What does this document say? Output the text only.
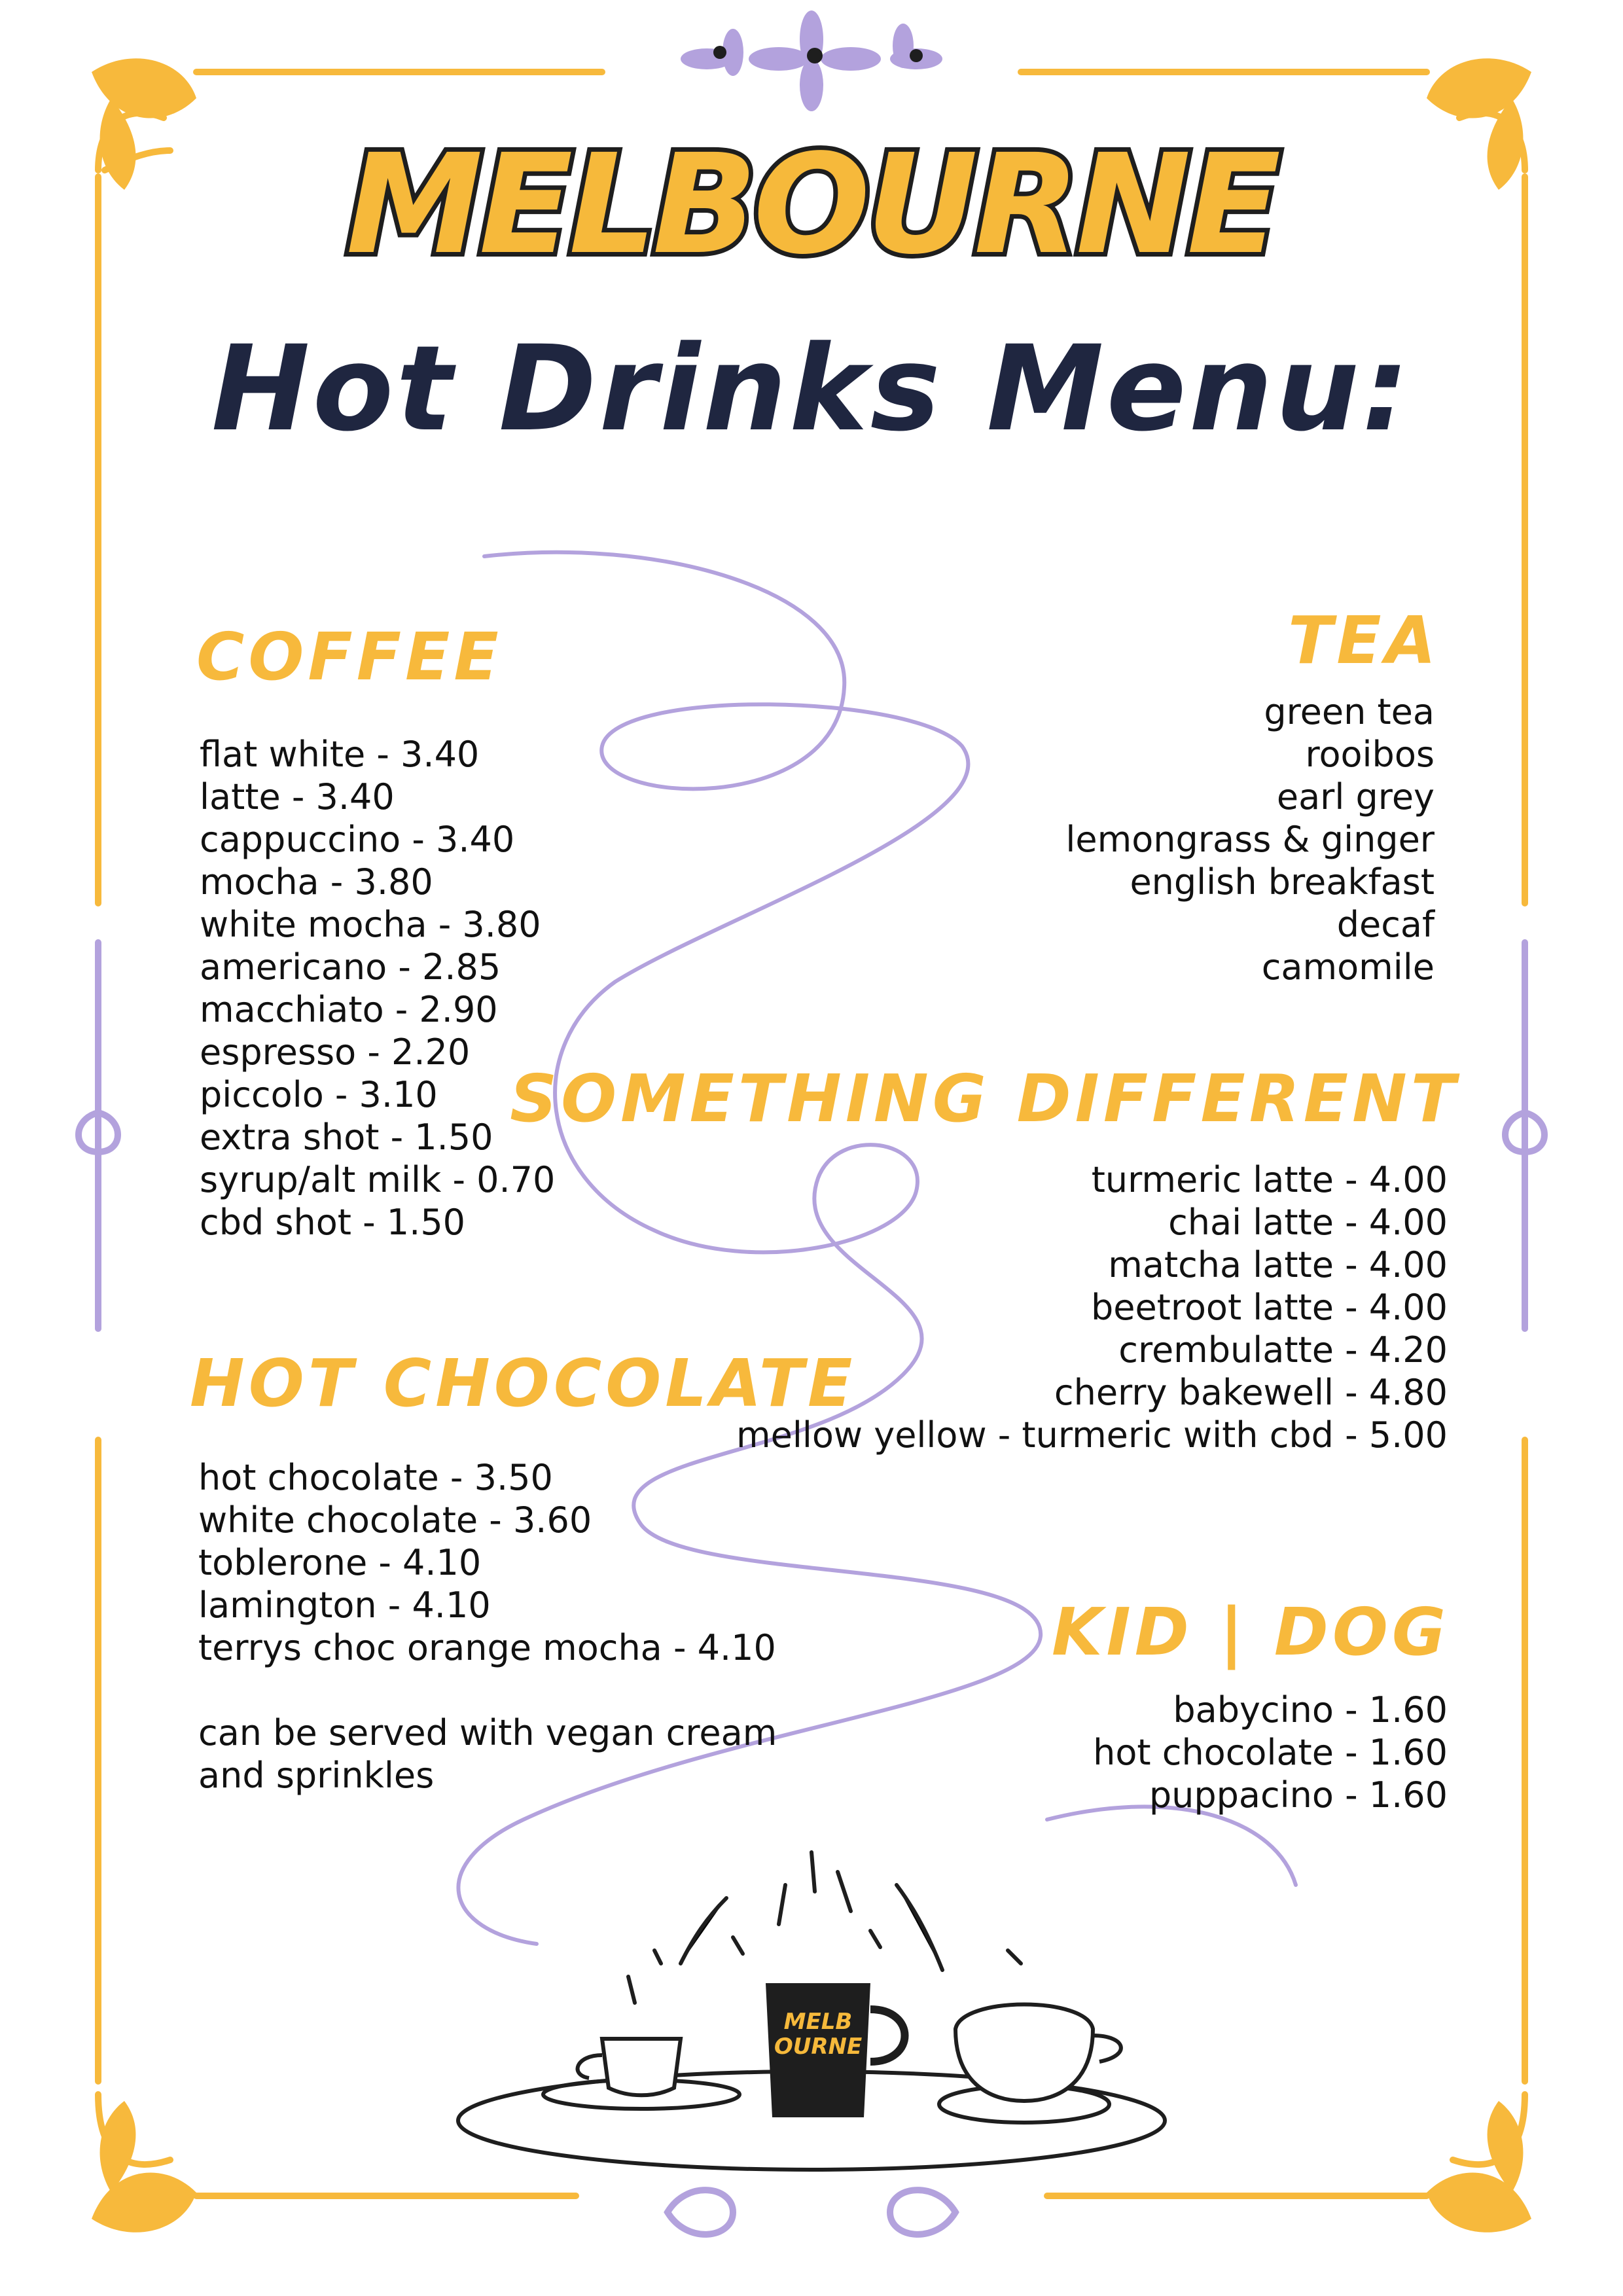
MELBOURNE
Hot Drinks Menu:
COFFEE
flat white - 3.40
latte - 3.40
cappuccino - 3.40
mocha - 3.80
white mocha - 3.80
americano - 2.85
macchiato - 2.90
espresso - 2.20
piccolo - 3.10
extra shot - 1.50
syrup/alt milk - 0.70
cbd shot - 1.50
TEA
green tea
rooibos
earl grey
lemongrass & ginger
english breakfast
decaf
camomile
SOMETHING DIFFERENT
turmeric latte - 4.00
chai latte - 4.00
matcha latte - 4.00
beetroot latte - 4.00
crembulatte - 4.20
cherry bakewell - 4.80
mellow yellow - turmeric with cbd - 5.00
HOT CHOCOLATE
hot chocolate - 3.50
white chocolate - 3.60
toblerone - 4.10
lamington - 4.10
terrys choc orange mocha - 4.10
can be served with vegan cream
and sprinkles
KID | DOG
babycino - 1.60
hot chocolate - 1.60
puppacino - 1.60
MELB OURNE
